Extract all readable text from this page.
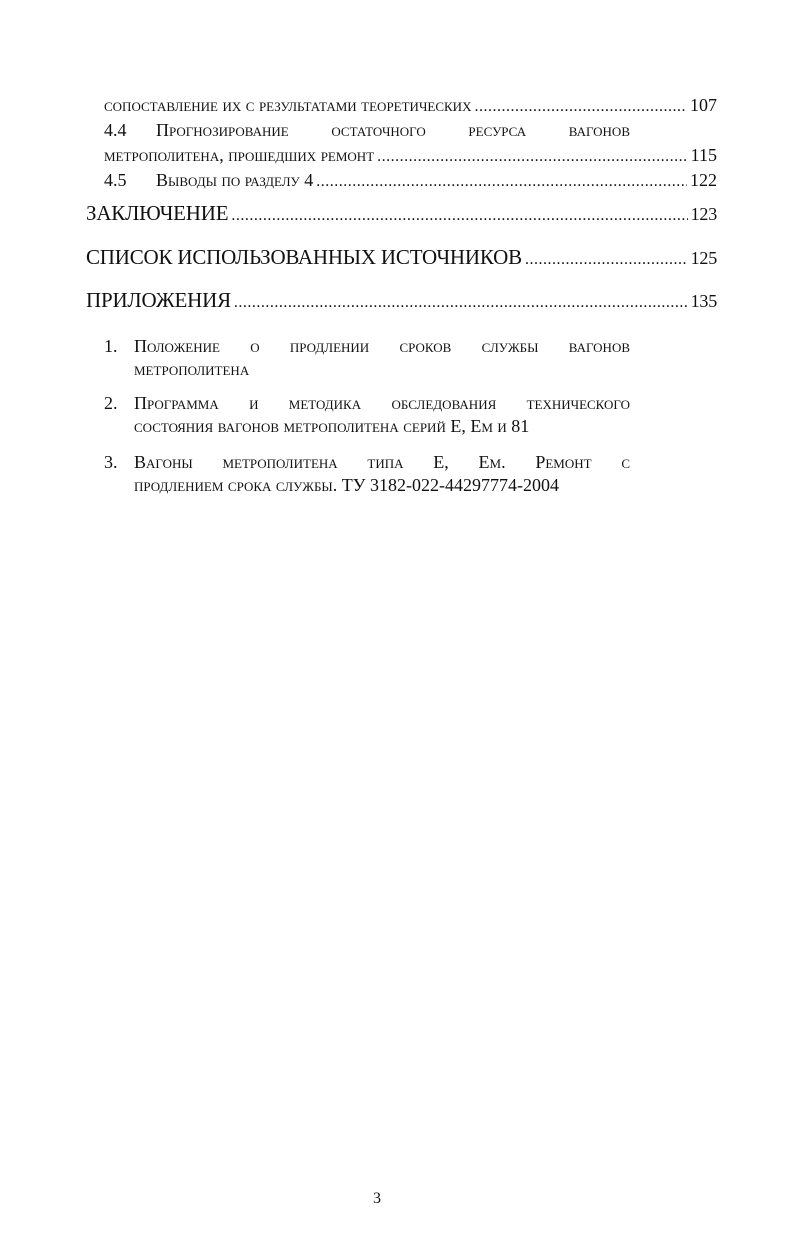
сопоставление их с результатами теоретических .....	107
4.4 Прогнозирование остаточного ресурса вагонов
метрополитена, прошедших ремонт .....	115
4.5	Выводы по разделу 4 .....	122
ЗАКЛЮЧЕНИЕ .....	123
СПИСОК ИСПОЛЬЗОВАННЫХ ИСТОЧНИКОВ .....	125
ПРИЛОЖЕНИЯ .....	135
1. Положение о продлении сроков службы вагонов
метрополитена
2. Программа и методика обследования технического
состояния вагонов метрополитена серий Е, Ем и 81
3. Вагоны метрополитена типа Е, Ем. Ремонт с
продлением срока службы. ТУ 3182-022-44297774-2004
3
